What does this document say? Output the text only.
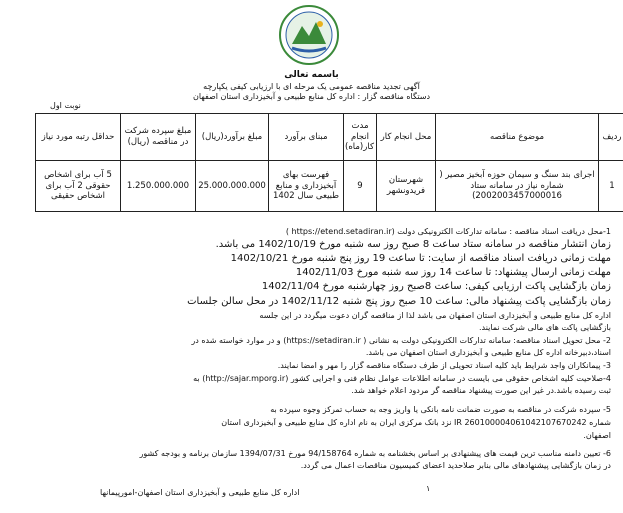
باسمه تعالی
آگهی تجدید مناقصه عمومی یک مرحله ای با ارزیابی کیفی یکپارچه
دستگاه مناقصه گزار : اداره کل منابع طبیعی و آبخیزداری استان اصفهان
نوبت اول
ردیف	موضوع مناقصه	محل انجام کار	مدت انجام کار(ماه)	مبنای برآورد	مبلغ برآورد(ریال)	مبلغ سپرده شرکت در مناقصه (ریال)	حداقل رتبه مورد نیاز
1	اجرای بند سنگ و سیمان حوزه آبخیز مصیر ( شماره نیاز در سامانه ستاد 2002003457000016)	شهرستان فریدونشهر	9	فهرست بهای آبخیزداری و منابع طبیعی سال 1402	25.000.000.000	1.250.000.000	5 آب برای اشخاص حقوقی 2 آب برای اشخاص حقیقی
1-محل دریافت اسناد مناقصه : سامانه تدارکات الکترونیکی دولت (https://etend.setadiran.ir )
زمان انتشار مناقصه در سامانه ستاد ساعت 8 صبح روز سه شنبه مورخ 1402/10/19 می باشد.
مهلت زمانی دریافت اسناد مناقصه از سایت: تا ساعت 19 روز پنج شنبه مورخ 1402/10/21
مهلت زمانی ارسال پیشنهاد: تا ساعت 14 روز سه شنبه مورخ 1402/11/03
زمان بازگشایی پاکت ارزیابی کیفی: ساعت 8صبح روز چهارشنبه مورخ 1402/11/04
زمان بازگشایی پاکت پیشنهاد مالی: ساعت 10 صبح روز پنج شنبه 1402/11/12 در محل سالن جلسات
اداره کل منابع طبیعی و آبخیزداری استان اصفهان می باشد لذا از مناقصه گران دعوت میگردد در این جلسه
بازگشایی پاکت های مالی شرکت نمایند.
2- محل تحویل اسناد مناقصه: سامانه تدارکات الکترونیکی دولت به نشانی ( https://setadiran.ir) و در موارد خواسته شده در
اسناد،دبیرخانه اداره کل منابع طبیعی و آبخیزداری استان اصفهان می باشد.
3- پیمانکاران واجد شرایط باید کلیه اسناد تحویلی از طرف دستگاه مناقصه گزار را مهر و امضا نمایند.
4-صلاحیت کلیه اشخاص حقوقی می بایست در سامانه اطلاعات عوامل نظام فنی و اجرایی کشور (http://sajar.mporg.ir) به
ثبت رسیده باشد.در غیر این صورت پیشنهاد مناقصه گر مردود اعلام خواهد شد.
5- سپرده شرکت در مناقصه به صورت ضمانت نامه بانکی یا واریز وجه به حساب تمرکز وجوه سپرده به
شماره IR 260100004061042107670242 نزد بانک مرکزی ایران به نام اداره کل منابع طبیعی و آبخیزداری استان
اصفهان.
6- تعیین دامنه مناسب ترین قیمت های پیشنهادی بر اساس بخشنامه به شماره 94/158764 مورخ 1394/07/31 سازمان برنامه و بودجه کشور
در زمان بازگشایی پیشنهادهای مالی بنابر صلاحدید اعضای کمیسیون مناقصات اعمال می گردد.
۱
اداره کل منابع طبیعی و آبخیزداری استان اصفهان-امورپیمانها
